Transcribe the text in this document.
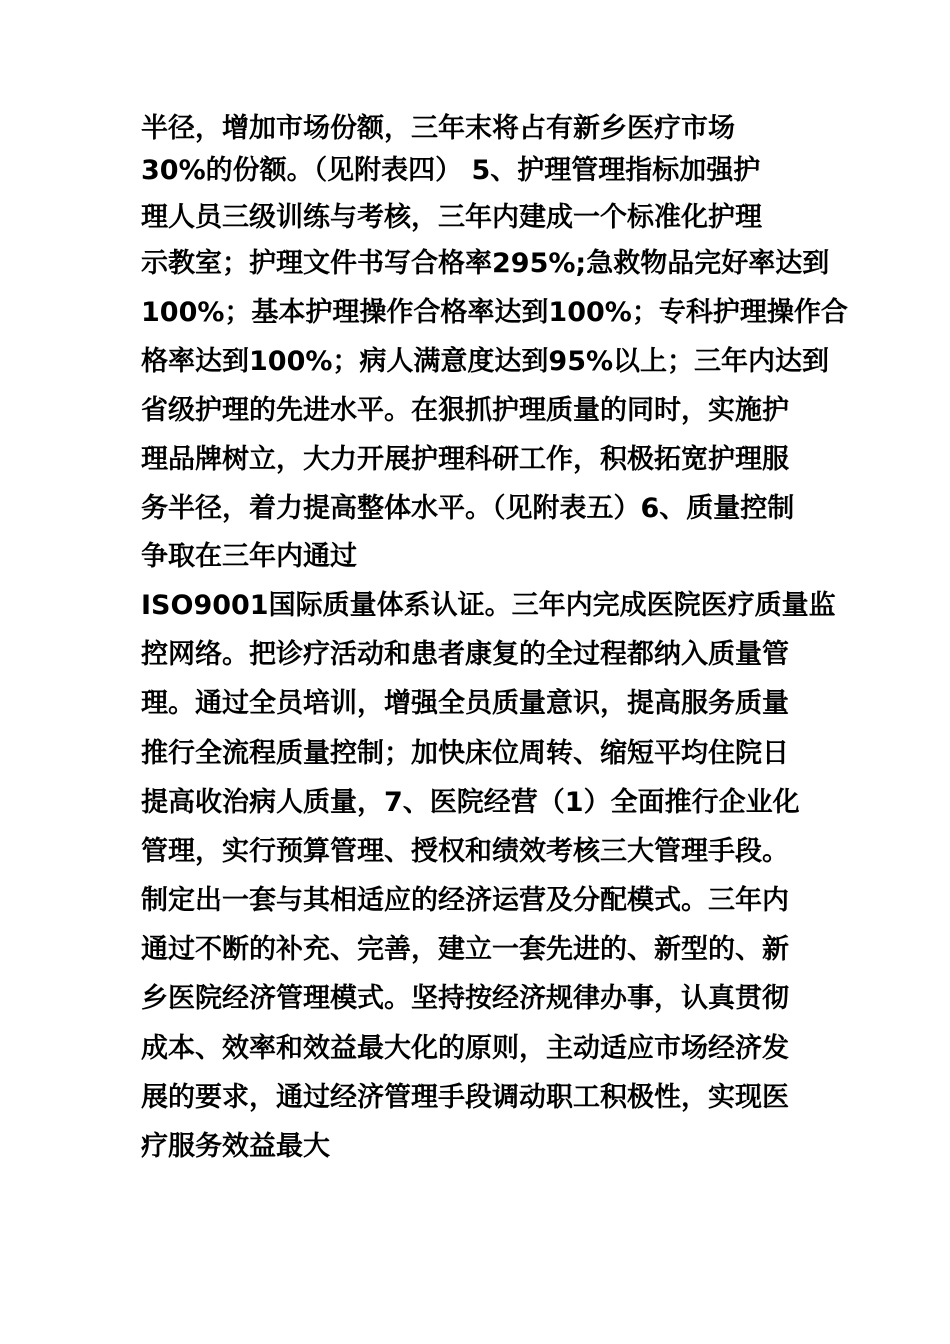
半径，增加市场份额，三年末将占有新乡医疗市场
30%的份额。（见附表四） 5、护理管理指标加强护
理人员三级训练与考核，三年内建成一个标准化护理
示教室；护理文件书写合格率295%;急救物品完好率达到
100%；基本护理操作合格率达到100%；专科护理操作合
格率达到100%；病人满意度达到95%以上；三年内达到
省级护理的先进水平。在狠抓护理质量的同时，实施护
理品牌树立，大力开展护理科研工作，积极拓宽护理服
务半径，着力提高整体水平。（见附表五）6、质量控制
争取在三年内通过
ISO9001国际质量体系认证。三年内完成医院医疗质量监
控网络。把诊疗活动和患者康复的全过程都纳入质量管
理。通过全员培训，增强全员质量意识，提高服务质量
推行全流程质量控制；加快床位周转、缩短平均住院日
提高收治病人质量，7、医院经营（1）全面推行企业化
管理，实行预算管理、授权和绩效考核三大管理手段。
制定出一套与其相适应的经济运营及分配模式。三年内
通过不断的补充、完善，建立一套先进的、新型的、新
乡医院经济管理模式。坚持按经济规律办事，认真贯彻
成本、效率和效益最大化的原则，主动适应市场经济发
展的要求，通过经济管理手段调动职工积极性，实现医
疗服务效益最大
